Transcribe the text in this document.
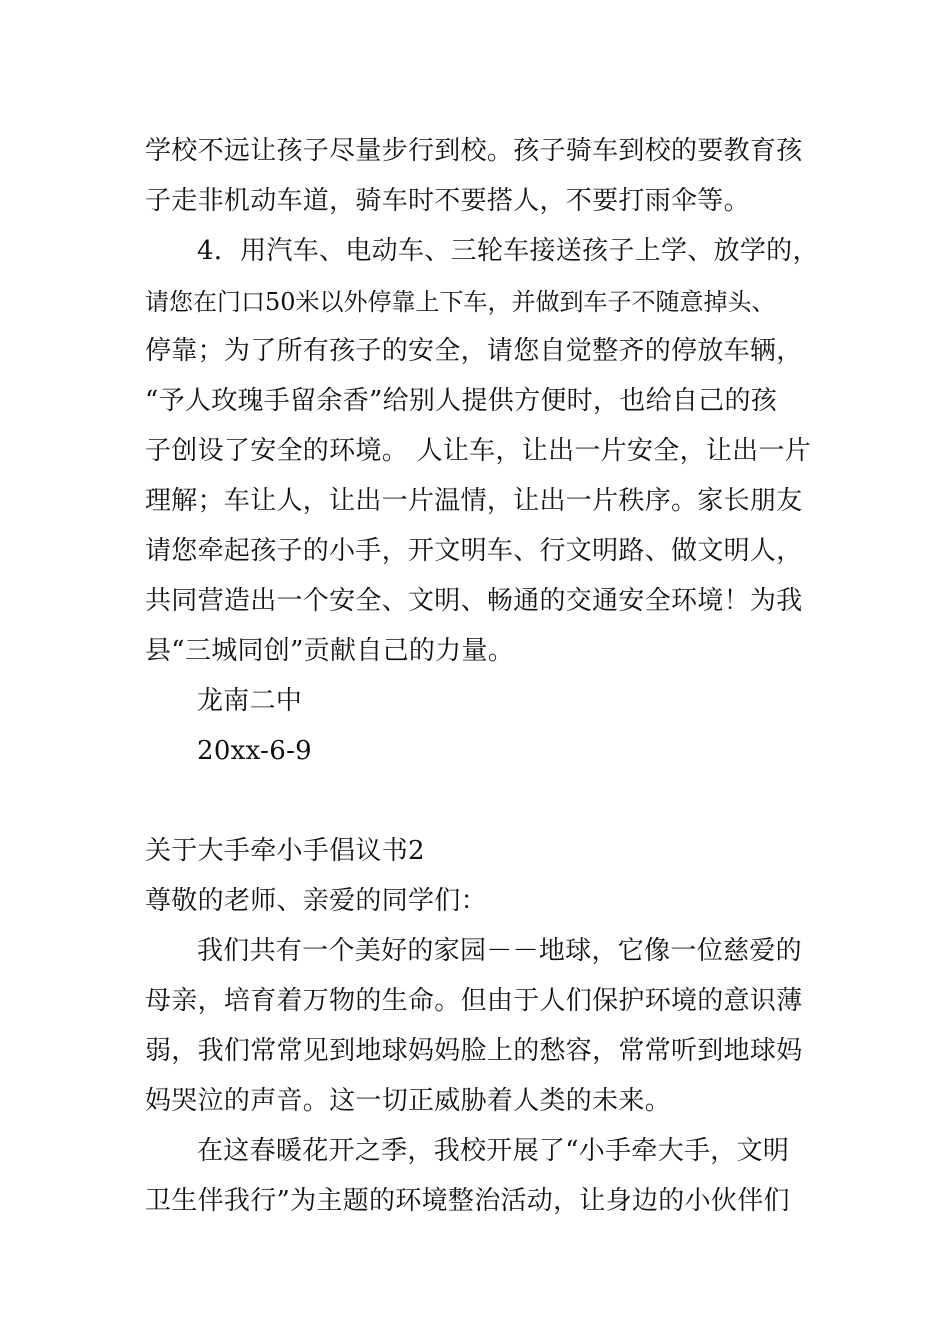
学校不远让孩子尽量步行到校。孩子骑车到校的要教育孩
子走非机动车道，骑车时不要搭人，不要打雨伞等。
4．用汽车、电动车、三轮车接送孩子上学、放学的，
请您在门口50米以外停靠上下车，并做到车子不随意掉头、
停靠；为了所有孩子的安全，请您自觉整齐的停放车辆，
“予人玫瑰手留余香”给别人提供方便时，也给自己的孩
子创设了安全的环境。 人让车，让出一片安全，让出一片
理解；车让人，让出一片温情，让出一片秩序。家长朋友
请您牵起孩子的小手，开文明车、行文明路、做文明人，
共同营造出一个安全、文明、畅通的交通安全环境！为我
县“三城同创”贡献自己的力量。
龙南二中
20xx-6-9
关于大手牵小手倡议书2
尊敬的老师、亲爱的同学们：
我们共有一个美好的家园－－地球，它像一位慈爱的
母亲，培育着万物的生命。但由于人们保护环境的意识薄
弱，我们常常见到地球妈妈脸上的愁容，常常听到地球妈
妈哭泣的声音。这一切正威胁着人类的未来。
在这春暖花开之季，我校开展了“小手牵大手，文明
卫生伴我行”为主题的环境整治活动，让身边的小伙伴们
